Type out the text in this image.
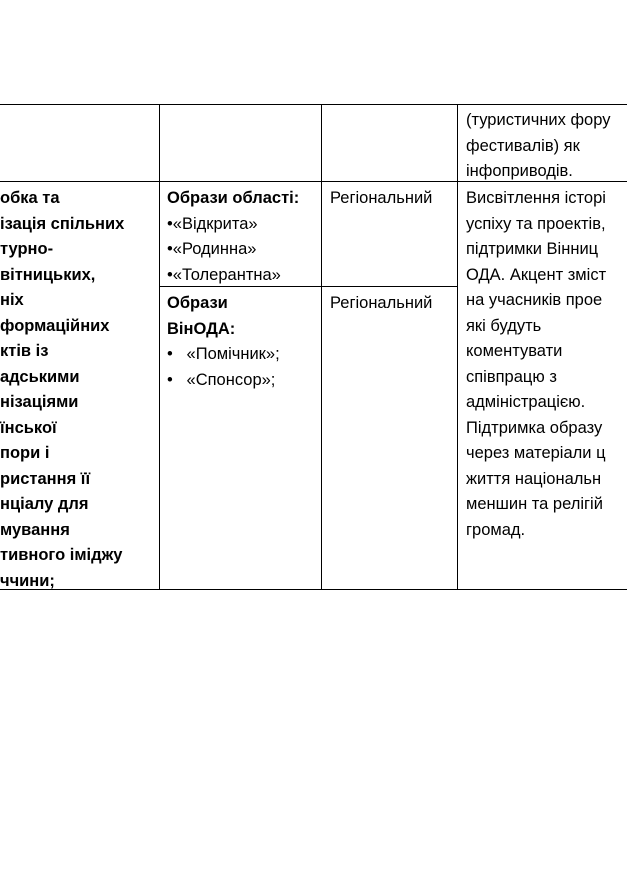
(туристичних фору
фестивалів) як
інфоприводів.
обка та
ізація спільних
турно-
вітницьких,
ніх
формаційних
ктів із
адськими
нізаціями
їнської
пори і
ристання її
нціалу для
мування
тивного іміджу
ччини;
Образи області:
•«Відкрита»
•«Родинна»
•«Толерантна»
Образи
ВінОДА:
•   «Помічник»;
•   «Спонсор»;
Регіональний
Регіональний
Висвітлення історі
успіху та проектів,
підтримки Вінниц
ОДА. Акцент зміст
на учасників прое
які будуть
коментувати
співпрацю з
адміністрацією.
Підтримка образу
через матеріали ц
життя національн
меншин та релігій
громад.
